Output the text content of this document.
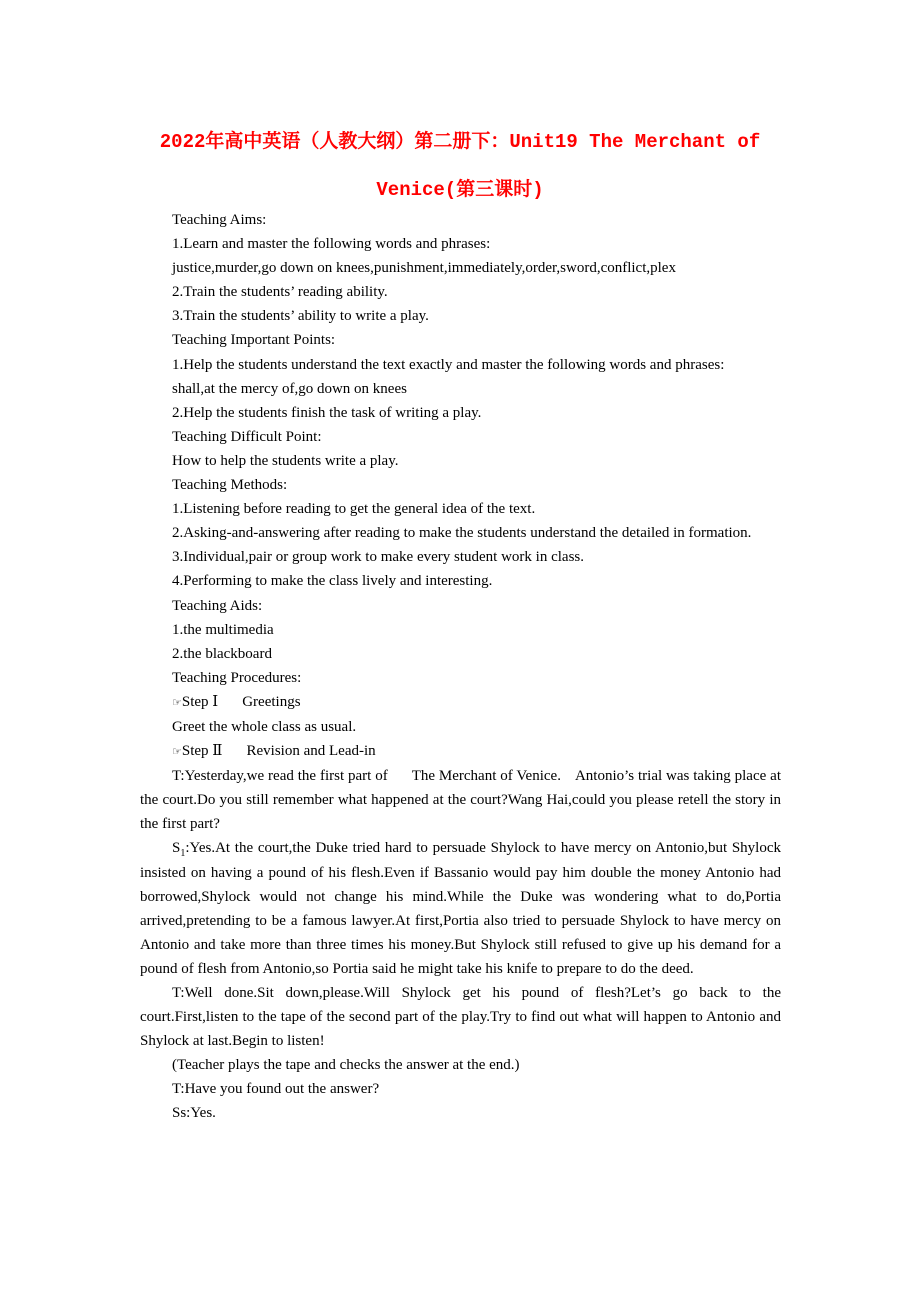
2022年高中英语（人教大纲）第二册下：Unit19 The Merchant of
Venice(第三课时)

Teaching Aims:

1.Learn and master the following words and phrases:

justice,murder,go down on knees,punishment,immediately,order,sword,conflict,plex

2.Train the students’ reading ability.

3.Train the students’ ability to write a play.

Teaching Important Points:

1.Help the students understand the text exactly and master the following words and phrases:

shall,at the mercy of,go down on knees

2.Help the students finish the task of writing a play.

Teaching Difficult Point:

How to help the students write a play.

Teaching Methods:

1.Listening before reading to get the general idea of the text.

2.Asking-and-answering after reading to make the students understand the detailed in formation.

3.Individual,pair or group work to make every student work in class.

4.Performing to make the class lively and interesting.

Teaching Aids:

1.the multimedia

2.the blackboard

Teaching Procedures:

☞Step Ⅰ Greetings

Greet the whole class as usual.

☞Step Ⅱ Revision and Lead-in

T:Yesterday,we read the first part of The Merchant of Venice. Antonio’s trial was taking place at the court.Do you still remember what happened at the court?Wang Hai,could you please retell the story in the first part?

$S_1:Yes.At$ the court,the Duke tried hard to persuade Shylock to have mercy on Antonio,but Shylock insisted on having a pound of his flesh.Even if Bassanio would pay him double the money Antonio had borrowed,Shylock would not change his mind.While the Duke was wondering what to do,Portia arrived,pretending to be a famous lawyer.At first,Portia also tried to persuade Shylock to have mercy on Antonio and take more than three times his money.But Shylock still refused to give up his demand for a pound of flesh from Antonio,so Portia said he might take his knife to prepare to do the deed.

T:Well done.Sit down,please.Will Shylock get his pound of flesh?Let’s go back to the court.First,listen to the tape of the second part of the play.Try to find out what will happen to Antonio and Shylock at last.Begin to listen!

(Teacher plays the tape and checks the answer at the end.)

T:Have you found out the answer?

Ss:Yes.
